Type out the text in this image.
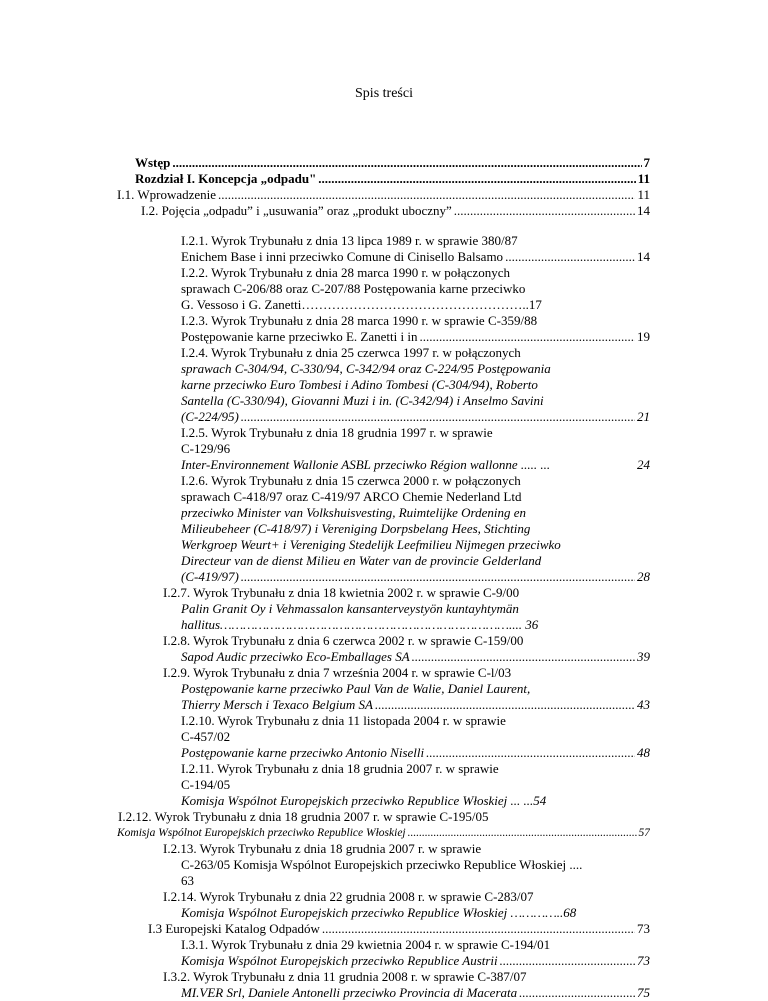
Spis treści
Wstęp .....	7
Rozdział I. Koncepcja „odpadu" .....	11
I.1. Wprowadzenie .....	11
I.2. Pojęcia „odpadu” i „usuwania” oraz „produkt uboczny” .....	14
I.2.1. Wyrok Trybunału z dnia 13 lipca 1989 r. w sprawie 380/87
Enichem Base i inni przeciwko Comune di Cinisello Balsamo .....	14
I.2.2. Wyrok Trybunału z dnia 28 marca 1990 r. w połączonych
sprawach C-206/88 oraz C-207/88 Postępowania karne przeciwko
G. Vessoso i G. Zanetti……………………………………………..17
I.2.3. Wyrok Trybunału z dnia 28 marca 1990 r. w sprawie C-359/88
Postępowanie karne przeciwko E. Zanetti i in .....	19
I.2.4. Wyrok Trybunału z dnia 25 czerwca 1997 r. w połączonych
sprawach C-304/94, C-330/94, C-342/94 oraz C-224/95 Postępowania
karne przeciwko Euro Tombesi i Adino Tombesi (C-304/94), Roberto
Santella (C-330/94), Giovanni Muzi i in. (C-342/94) i Anselmo Savini
(C-224/95) .....	21
I.2.5. Wyrok Trybunału z dnia 18 grudnia 1997 r. w sprawie
C-129/96
Inter-Environnement Wallonie ASBL przeciwko Région wallonne ..... ...	24
I.2.6. Wyrok Trybunału z dnia 15 czerwca 2000 r. w połączonych
sprawach C-418/97 oraz C-419/97 ARCO Chemie Nederland Ltd
przeciwko Minister van Volkshuisvesting, Ruimtelijke Ordening en
Milieubeheer (C-418/97) i Vereniging Dorpsbelang Hees, Stichting
Werkgroep Weurt+ i Vereniging Stedelijk Leefmilieu Nijmegen przeciwko
Directeur van de dienst Milieu en Water van de provincie Gelderland
(C-419/97) .....	28
I.2.7. Wyrok Trybunału z dnia 18 kwietnia 2002 r. w sprawie C-9/00
Palin Granit Oy i Vehmassalon kansanterveystyön kuntayhtymän
hallitus………………………………………………………………….... 36
I.2.8. Wyrok Trybunału z dnia 6 czerwca 2002 r. w sprawie C-159/00
Sapod Audic przeciwko Eco-Emballages SA .....	39
I.2.9. Wyrok Trybunału z dnia 7 września 2004 r. w sprawie C-l/03
Postępowanie karne przeciwko Paul Van de Walie, Daniel Laurent,
Thierry Mersch i Texaco Belgium SA .....	43
I.2.10. Wyrok Trybunału z dnia 11 listopada 2004 r. w sprawie
C-457/02
Postępowanie karne przeciwko Antonio Niselli .....	48
I.2.11. Wyrok Trybunału z dnia 18 grudnia 2007 r. w sprawie
C-194/05
Komisja Wspólnot Europejskich przeciwko Republice Włoskiej ... ...54
I.2.12. Wyrok Trybunału z dnia 18 grudnia 2007 r. w sprawie C-195/05
Komisja Wspólnot Europejskich przeciwko Republice Włoskiej .....	57
I.2.13. Wyrok Trybunału z dnia 18 grudnia 2007 r. w sprawie
C-263/05 Komisja Wspólnot Europejskich przeciwko Republice Włoskiej ....
63
I.2.14. Wyrok Trybunału z dnia 22 grudnia 2008 r. w sprawie C-283/07
Komisja Wspólnot Europejskich przeciwko Republice Włoskiej …………..68
I.3 Europejski Katalog Odpadów .....	73
I.3.1. Wyrok Trybunału z dnia 29 kwietnia 2004 r. w sprawie C-194/01
Komisja Wspólnot Europejskich przeciwko Republice Austrii .....	73
I.3.2. Wyrok Trybunału z dnia 11 grudnia 2008 r. w sprawie C-387/07
MI.VER Srl, Daniele Antonelli przeciwko Provincia di Macerata .....	75
